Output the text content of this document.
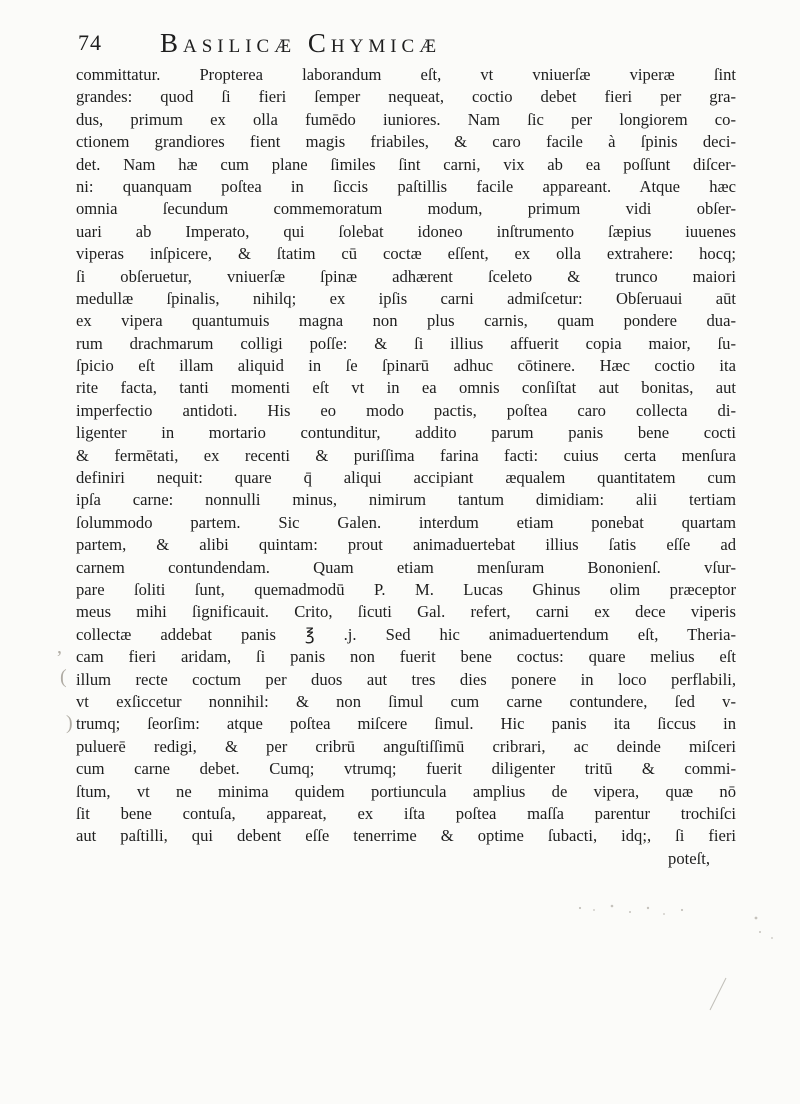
74 Basilicæ Chymicæ
committatur. Propterea laborandum eſt, vt vniuerſæ viperæ ſint
grandes: quod ſi fieri ſemper nequeat, coctio debet fieri per gra-
dus, primum ex olla fumēdo iuniores. Nam ſic per longiorem co-
ctionem grandiores fient magis friabiles, & caro facile à ſpinis deci-
det. Nam hæ cum plane ſimiles ſint carni, vix ab ea poſſunt diſcer-
ni: quanquam poſtea in ſiccis paſtillis facile appareant. Atque hæc
omnia ſecundum commemoratum modum, primum vidi obſer-
uari ab Imperato, qui ſolebat idoneo inſtrumento ſæpius iuuenes
viperas inſpicere, & ſtatim cū coctæ eſſent, ex olla extrahere: hocq;
ſi obſeruetur, vniuerſæ ſpinæ adhærent ſceleto & trunco maiori
medullæ ſpinalis, nihilq; ex ipſis carni admiſcetur: Obſeruaui aūt
ex vipera quantumuis magna non plus carnis, quam pondere dua-
rum drachmarum colligi poſſe: & ſi illius affuerit copia maior, ſu-
ſpicio eſt illam aliquid in ſe ſpinarū adhuc cōtinere. Hæc coctio ita
rite facta, tanti momenti eſt vt in ea omnis conſiſtat aut bonitas, aut
imperfectio antidoti. His eo modo pactis, poſtea caro collecta di-
ligenter in mortario contunditur, addito parum panis bene cocti
& fermētati, ex recenti & puriſſima farina facti: cuius certa menſura
definiri nequit: quare q̄ aliqui accipiant æqualem quantitatem cum
ipſa carne: nonnulli minus, nimirum tantum dimidiam: alii tertiam
ſolummodo partem. Sic Galen. interdum etiam ponebat quartam
partem, & alibi quintam: prout animaduertebat illius ſatis eſſe ad
carnem contundendam. Quam etiam menſuram Bononienſ. vſur-
pare ſoliti ſunt, quemadmodū P. M. Lucas Ghinus olim præceptor
meus mihi ſignificauit. Crito, ſicuti Gal. refert, carni ex dece viperis
collectæ addebat panis ℥ .j. Sed hic animaduertendum eſt, Theria-
cam fieri aridam, ſi panis non fuerit bene coctus: quare melius eſt
illum recte coctum per duos aut tres dies ponere in loco perflabili,
vt exſiccetur nonnihil: & non ſimul cum carne contundere, ſed v-
trumq; ſeorſim: atque poſtea miſcere ſimul. Hic panis ita ſiccus in
puluerē redigi, & per cribrū anguſtiſſimū cribrari, ac deinde miſceri
cum carne debet. Cumq; vtrumq; fuerit diligenter tritū & commi-
ſtum, vt ne minima quidem portiuncula amplius de vipera, quæ nō
ſit bene contuſa, appareat, ex iſta poſtea maſſa parentur trochiſci
aut paſtilli, qui debent eſſe tenerrime & optime ſubacti, idq;, ſi fieri
poteſt,
‚
(
)
